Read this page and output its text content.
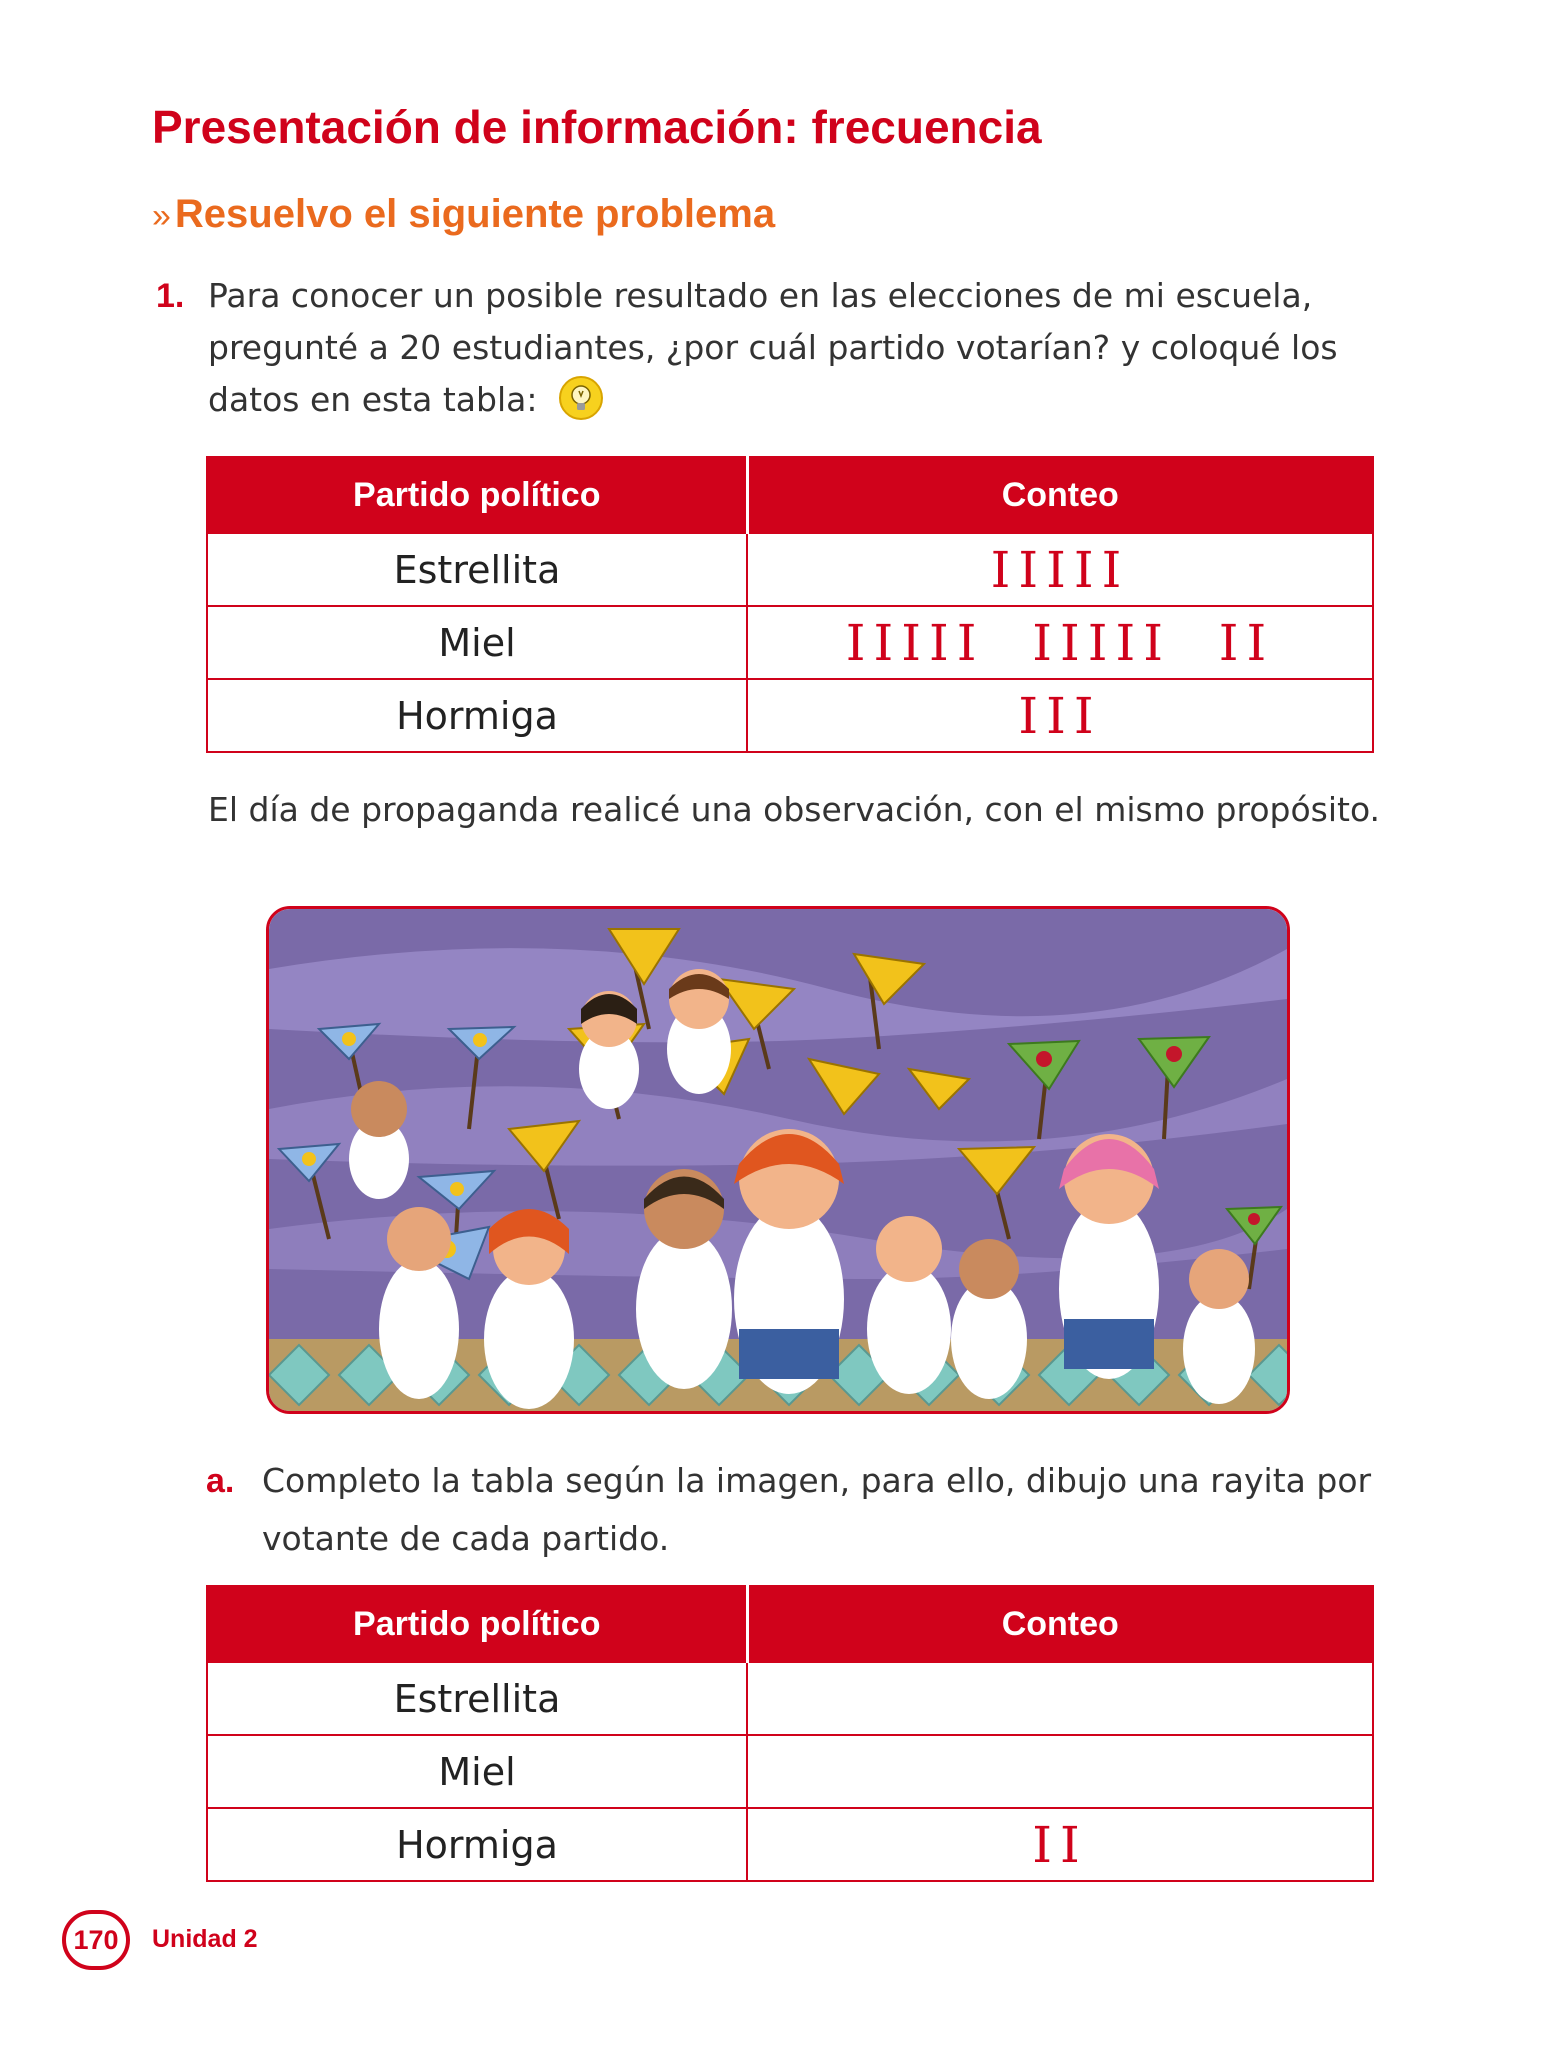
Presentación de información: frecuencia
» Resuelvo el siguiente problema
1. Para conocer un posible resultado en las elecciones de mi escuela, pregunté a 20 estudiantes, ¿por cuál partido votarían? y coloqué los datos en esta tabla:
Partido político	Conteo
Estrellita	IIIII
Miel	IIIII  IIIII  II
Hormiga	III
El día de propaganda realicé una observación, con el mismo propósito.
a. Completo la tabla según la imagen, para ello, dibujo una rayita por votante de cada partido.
Partido político	Conteo
Estrellita	
Miel	
Hormiga	II
170 Unidad 2
